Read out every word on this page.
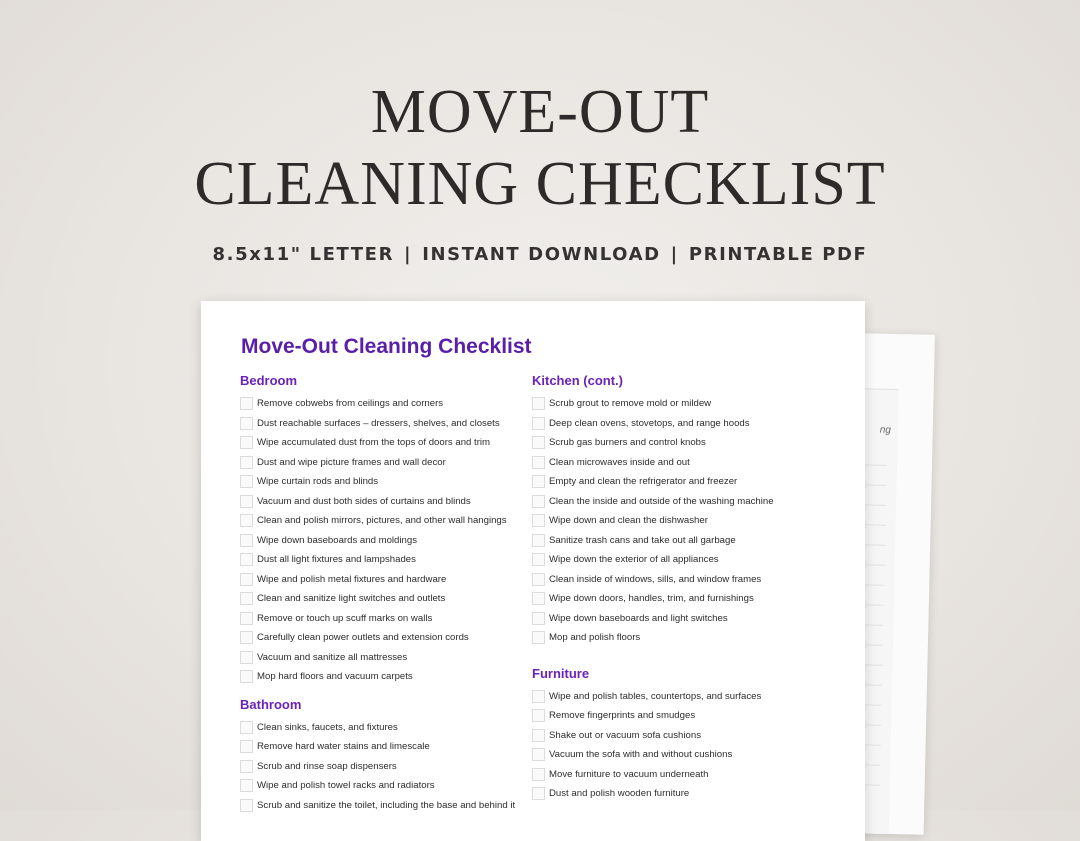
MOVE-OUT
CLEANING CHECKLIST
8.5x11" LETTER | INSTANT DOWNLOAD | PRINTABLE PDF
ng
Move-Out Cleaning Checklist
Bedroom
Remove cobwebs from ceilings and corners
Dust reachable surfaces – dressers, shelves, and closets
Wipe accumulated dust from the tops of doors and trim
Dust and wipe picture frames and wall decor
Wipe curtain rods and blinds
Vacuum and dust both sides of curtains and blinds
Clean and polish mirrors, pictures, and other wall hangings
Wipe down baseboards and moldings
Dust all light fixtures and lampshades
Wipe and polish metal fixtures and hardware
Clean and sanitize light switches and outlets
Remove or touch up scuff marks on walls
Carefully clean power outlets and extension cords
Vacuum and sanitize all mattresses
Mop hard floors and vacuum carpets
Bathroom
Clean sinks, faucets, and fixtures
Remove hard water stains and limescale
Scrub and rinse soap dispensers
Wipe and polish towel racks and radiators
Scrub and sanitize the toilet, including the base and behind it
Kitchen (cont.)
Scrub grout to remove mold or mildew
Deep clean ovens, stovetops, and range hoods
Scrub gas burners and control knobs
Clean microwaves inside and out
Empty and clean the refrigerator and freezer
Clean the inside and outside of the washing machine
Wipe down and clean the dishwasher
Sanitize trash cans and take out all garbage
Wipe down the exterior of all appliances
Clean inside of windows, sills, and window frames
Wipe down doors, handles, trim, and furnishings
Wipe down baseboards and light switches
Mop and polish floors
Furniture
Wipe and polish tables, countertops, and surfaces
Remove fingerprints and smudges
Shake out or vacuum sofa cushions
Vacuum the sofa with and without cushions
Move furniture to vacuum underneath
Dust and polish wooden furniture
